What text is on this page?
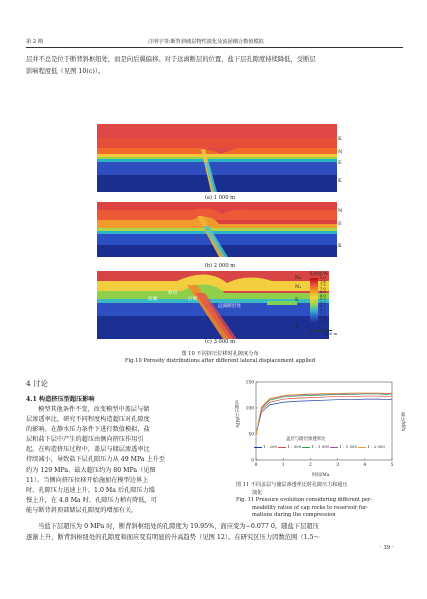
第 2 期	汪明宇等:断背斜储层物性演化及流固耦合数值模拟
层并不总是位于断背斜枢纽处，而是向后翼偏移。对于远离断层的位置，盐下层孔隙度持续降低，受断层
影响程度低（见图 10(c)）。
K
N
E
K
(a) 1 000 m
N
E
K
(b) 2 000 m
N₂
N₁
E
K
前翼
枢纽
后翼
远离断层处
孔隙度/%
2.0
7.8
7.5
7.0
6.5
6.0
5.5
5.0
4.5
4.0
3.5
3.0
2.5
0	500 m
(c) 3 000 m
图 10 不同挤压位移时孔隙度分布
Fig.10 Porosity distributions after different lateral displacement applied
4 讨论
4.1 构造挤压型超压影响
模型其他条件不变，改变模型中盖层与储
层渗透率比，研究不同程度构造超压对孔隙度
的影响。在静水压力条件下进行数值模拟，盐
层和盐下层中产生的超压由侧向挤压作用引
起。在构造挤压过程中，盖层与储层渗透率比
持续减小，导致盐下层孔隙压力从 49 MPa 上升至
约为 129 MPa，最大超压约为 80 MPa（见图
11）。当侧向挤压位移开始施加在模型边界上
时，孔隙压力迅速上升，1.0 Ma 后孔隙压力缓
慢上升，在 4.8 Ma 时，孔隙压力稍有降低，可
能与断背斜顶部储层孔隙度的增加有关。
0	1	2	3	4	5
0
50
100
150
孔隙压力/MPa	超压/MPa
时间/Ma
盖层与储层渗透率比
1 : 200	1 : 500	1 : 1 000	1 : 1 500	1 : 2 000
图 11 不同盖层与储层渗透率比时孔隙压力和超压
演化
Fig. 11 Pressure evolution considering different per-
meability ratios of cap rocks to reservoir for-
mations during the compression
当盐下层超压为 0 MPa 时，断背斜枢纽处的孔隙度为 19.95%，面应变为−0.077 0。随盐下层超压
逐渐上升，断背斜枢纽处的孔隙度和面应变有明显的升高趋势（见图 12）。在研究区压力因数范围（1.5～
· 39 ·
